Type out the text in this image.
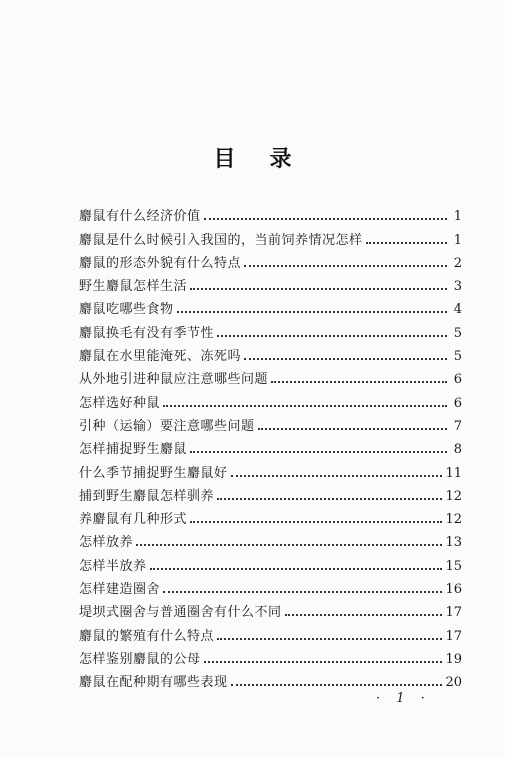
目录
麝鼠有什么经济价值	1
麝鼠是什么时候引入我国的，当前饲养情况怎样	1
麝鼠的形态外貌有什么特点	2
野生麝鼠怎样生活	3
麝鼠吃哪些食物	4
麝鼠换毛有没有季节性	5
麝鼠在水里能淹死、冻死吗	5
从外地引进种鼠应注意哪些问题	6
怎样选好种鼠	6
引种（运输）要注意哪些问题	7
怎样捕捉野生麝鼠	8
什么季节捕捉野生麝鼠好	11
捕到野生麝鼠怎样驯养	12
养麝鼠有几种形式	12
怎样放养	13
怎样半放养	15
怎样建造圈舍	16
堤坝式圈舍与普通圈舍有什么不同	17
麝鼠的繁殖有什么特点	17
怎样鉴别麝鼠的公母	19
麝鼠在配种期有哪些表现	20
· 1 ·
